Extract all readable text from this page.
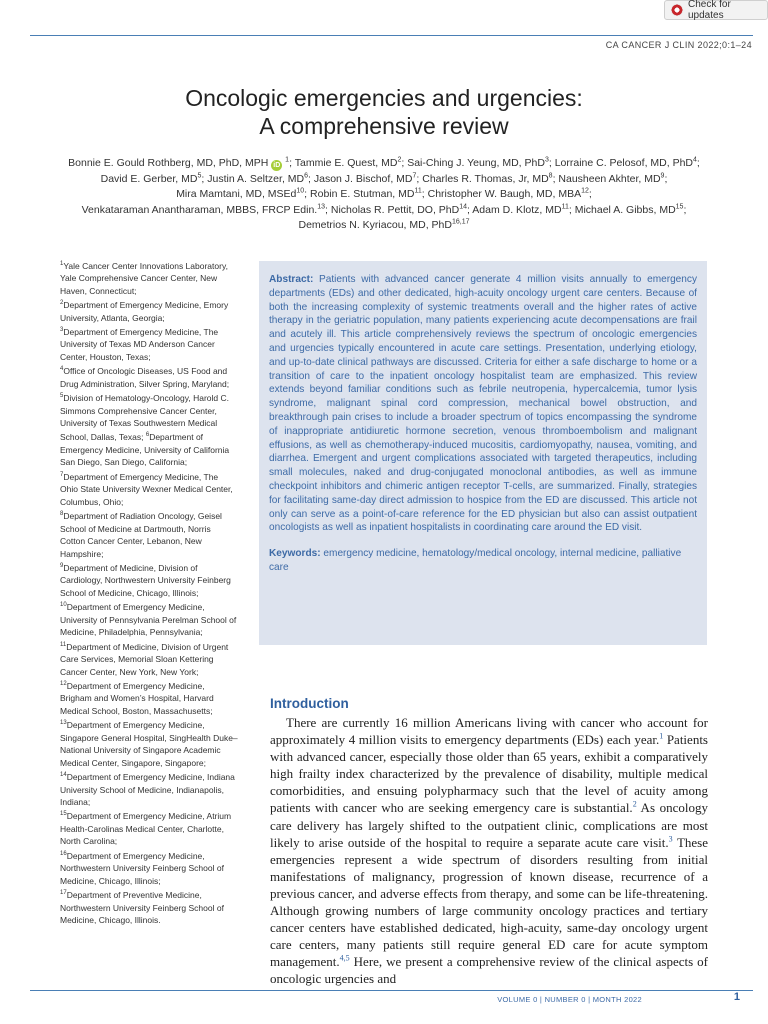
Check for updates
CA CANCER J CLIN 2022;0:1–24
Oncologic emergencies and urgencies:
A comprehensive review
Bonnie E. Gould Rothberg, MD, PhD, MPH iD $^1$; Tammie E. Quest, $MD^2$; Sai-Ching J. Yeung, MD, PhD$^3$; Lorraine C. Pelosof, MD, PhD$^4$;
David E. Gerber, $MD^5$; Justin A. Seltzer, $MD^6$; Jason J. Bischof, $MD^7$; Charles R. Thomas, Jr, $MD^8$; Nausheen Akhter, $MD^9$;
Mira Mamtani, MD, MSEd$^{10}$; Robin E. Stutman, MD$^{11}$; Christopher W. Baugh, MD, MBA$^{12}$;
Venkataraman Anantharaman, MBBS, FRCP Edin.$^{13}$; Nicholas R. Pettit, DO, PhD$^{14}$; Adam D. Klotz, MD$^{11}$; Michael A. Gibbs, MD$^{15}$;
Demetrios N. Kyriacou, MD, PhD$^{16,17}$
$^1$Yale Cancer Center Innovations Laboratory, Yale Comprehensive Cancer Center, New Haven, Connecticut;
$^2$Department of Emergency Medicine, Emory University, Atlanta, Georgia;
$^3$Department of Emergency Medicine, The University of Texas MD Anderson Cancer Center, Houston, Texas;
$^4$Office of Oncologic Diseases, US Food and Drug Administration, Silver Spring, Maryland; $^5$Division of Hematology-Oncology, Harold C. Simmons Comprehensive Cancer Center, University of Texas Southwestern Medical School, Dallas, Texas; $^6$Department of Emergency Medicine, University of California San Diego, San Diego, California;
$^7$Department of Emergency Medicine, The Ohio State University Wexner Medical Center, Columbus, Ohio;
$^8$Department of Radiation Oncology, Geisel School of Medicine at Dartmouth, Norris Cotton Cancer Center, Lebanon, New Hampshire;
$^9$Department of Medicine, Division of Cardiology, Northwestern University Feinberg School of Medicine, Chicago, Illinois; $^{10}$Department of Emergency Medicine, University of Pennsylvania Perelman School of Medicine, Philadelphia, Pennsylvania;
$^{11}$Department of Medicine, Division of Urgent Care Services, Memorial Sloan Kettering Cancer Center, New York, New York; $^{12}$Department of Emergency Medicine, Brigham and Women’s Hospital, Harvard Medical School, Boston, Massachusetts;
$^{13}$Department of Emergency Medicine, Singapore General Hospital, SingHealth Duke–National University of Singapore Academic Medical Center, Singapore, Singapore; $^{14}$Department of Emergency Medicine, Indiana University School of Medicine, Indianapolis, Indiana;
$^{15}$Department of Emergency Medicine, Atrium Health-Carolinas Medical Center, Charlotte, North Carolina;
$^{16}$Department of Emergency Medicine, Northwestern University Feinberg School of Medicine, Chicago, Illinois;
$^{17}$Department of Preventive Medicine, Northwestern University Feinberg School of Medicine, Chicago, Illinois.

Abstract: Patients with advanced cancer generate 4 million visits annually to emergency departments (EDs) and other dedicated, high-acuity oncology urgent care centers. Because of both the increasing complexity of systemic treatments overall and the higher rates of active therapy in the geriatric population, many patients experiencing acute decompensations are frail and acutely ill. This article comprehensively reviews the spectrum of oncologic emergencies and urgencies typically encountered in acute care settings. Presentation, underlying etiology, and up-to-date clinical pathways are discussed. Criteria for either a safe discharge to home or a transition of care to the inpatient oncology hospitalist team are emphasized. This review extends beyond familiar conditions such as febrile neutropenia, hypercalcemia, tumor lysis syndrome, malignant spinal cord compression, mechanical bowel obstruction, and breakthrough pain crises to include a broader spectrum of topics encompassing the syndrome of inappropriate antidiuretic hormone secretion, venous thromboembolism and malignant effusions, as well as chemotherapy-induced mucositis, cardiomyopathy, nausea, vomiting, and diarrhea. Emergent and urgent complications associated with targeted therapeutics, including small molecules, naked and drug-conjugated monoclonal antibodies, as well as immune checkpoint inhibitors and chimeric antigen receptor T-cells, are summarized. Finally, strategies for facilitating same-day direct admission to hospice from the ED are discussed. This article not only can serve as a point-of-care reference for the ED physician but also can assist outpatient oncologists as well as inpatient hospitalists in coordinating care around the ED visit.

Keywords: emergency medicine, hematology/medical oncology, internal medicine, palliative care
Introduction

There are currently 16 million Americans living with cancer who account for approximately 4 million visits to emergency departments (EDs) each year.$^1$ Patients with advanced cancer, especially those older than 65 years, exhibit a comparatively high frailty index characterized by the prevalence of disability, multiple medical comorbidities, and ensuing polypharmacy such that the level of acuity among patients with cancer who are seeking emergency care is substantial.$^2$ As oncology care delivery has largely shifted to the outpatient clinic, complications are most likely to arise outside of the hospital to require a separate acute care visit.$^3$ These emergencies represent a wide spectrum of disorders resulting from initial manifestations of malignancy, progression of known disease, recurrence of a previous cancer, and adverse effects from therapy, and some can be life-threatening. Although growing numbers of large community oncology practices and tertiary cancer centers have established dedicated, high-acuity, same-day oncology urgent care centers, many patients still require general ED care for acute symptom management.$^{4,5}$ Here, we present a comprehensive review of the clinical aspects of oncologic urgencies and

VOLUME 0 | NUMBER 0 | MONTH 2022	1
